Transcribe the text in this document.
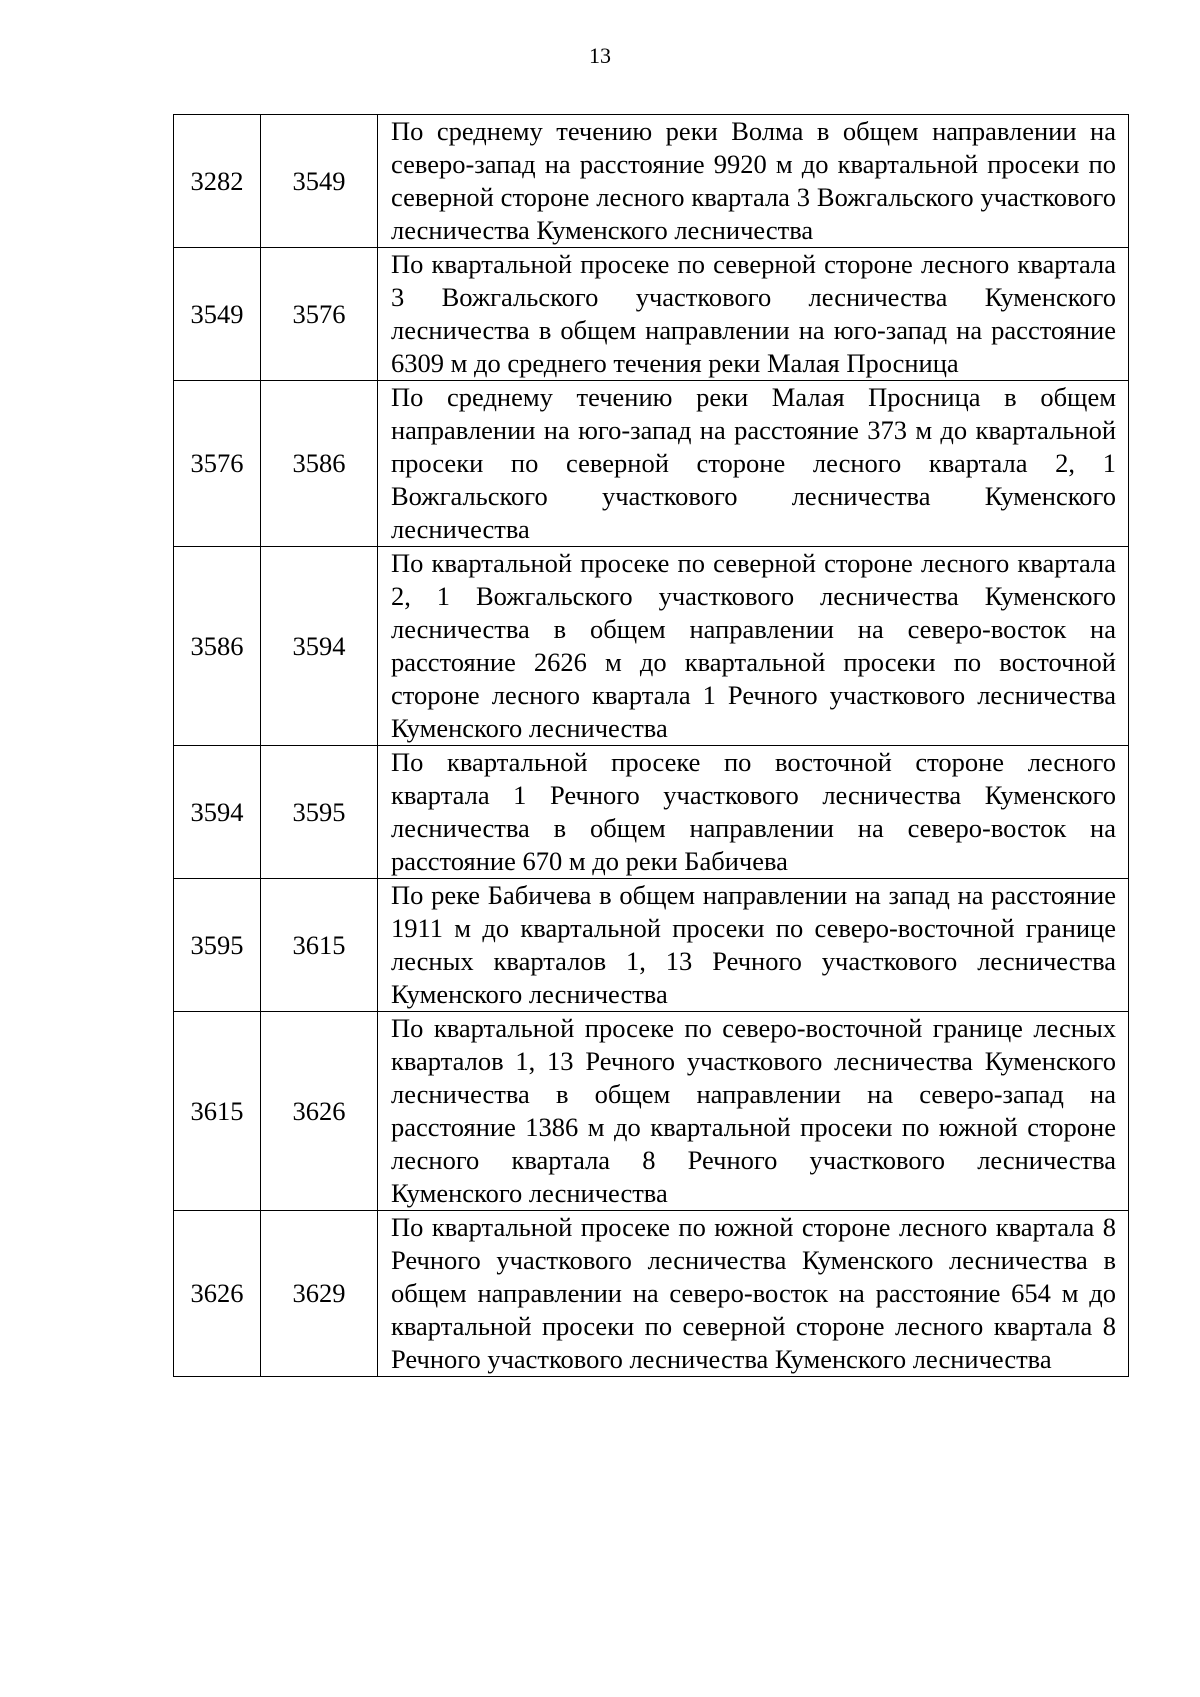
13
3282	3549	По среднему течению реки Волма в общем направлении на северо-запад на расстояние 9920 м до квартальной просеки по северной стороне лесного квартала 3 Вожгальского участкового лесничества Куменского лесничества
3549	3576	По квартальной просеке по северной стороне лесного квартала 3 Вожгальского участкового лесничества Куменского лесничества в общем направлении на юго-запад на расстояние 6309 м до среднего течения реки Малая Просница
3576	3586	По среднему течению реки Малая Просница в общем направлении на юго-запад на расстояние 373 м до квартальной просеки по северной стороне лесного квартала 2, 1 Вожгальского участкового лесничества Куменского лесничества
3586	3594	По квартальной просеке по северной стороне лесного квартала 2, 1 Вожгальского участкового лесничества Куменского лесничества в общем направлении на северо-восток на расстояние 2626 м до квартальной просеки по восточной стороне лесного квартала 1 Речного участкового лесничества Куменского лесничества
3594	3595	По квартальной просеке по восточной стороне лесного квартала 1 Речного участкового лесничества Куменского лесничества в общем направлении на северо-восток на расстояние 670 м до реки Бабичева
3595	3615	По реке Бабичева в общем направлении на запад на расстояние 1911 м до квартальной просеки по северо-восточной границе лесных кварталов 1, 13 Речного участкового лесничества Куменского лесничества
3615	3626	По квартальной просеке по северо-восточной границе лесных кварталов 1, 13 Речного участкового лесничества Куменского лесничества в общем направлении на северо-запад на расстояние 1386 м до квартальной просеки по южной стороне лесного квартала 8 Речного участкового лесничества Куменского лесничества
3626	3629	По квартальной просеке по южной стороне лесного квартала 8 Речного участкового лесничества Куменского лесничества в общем направлении на северо-восток на расстояние 654 м до квартальной просеки по северной стороне лесного квартала 8 Речного участкового лесничества Куменского лесничества
